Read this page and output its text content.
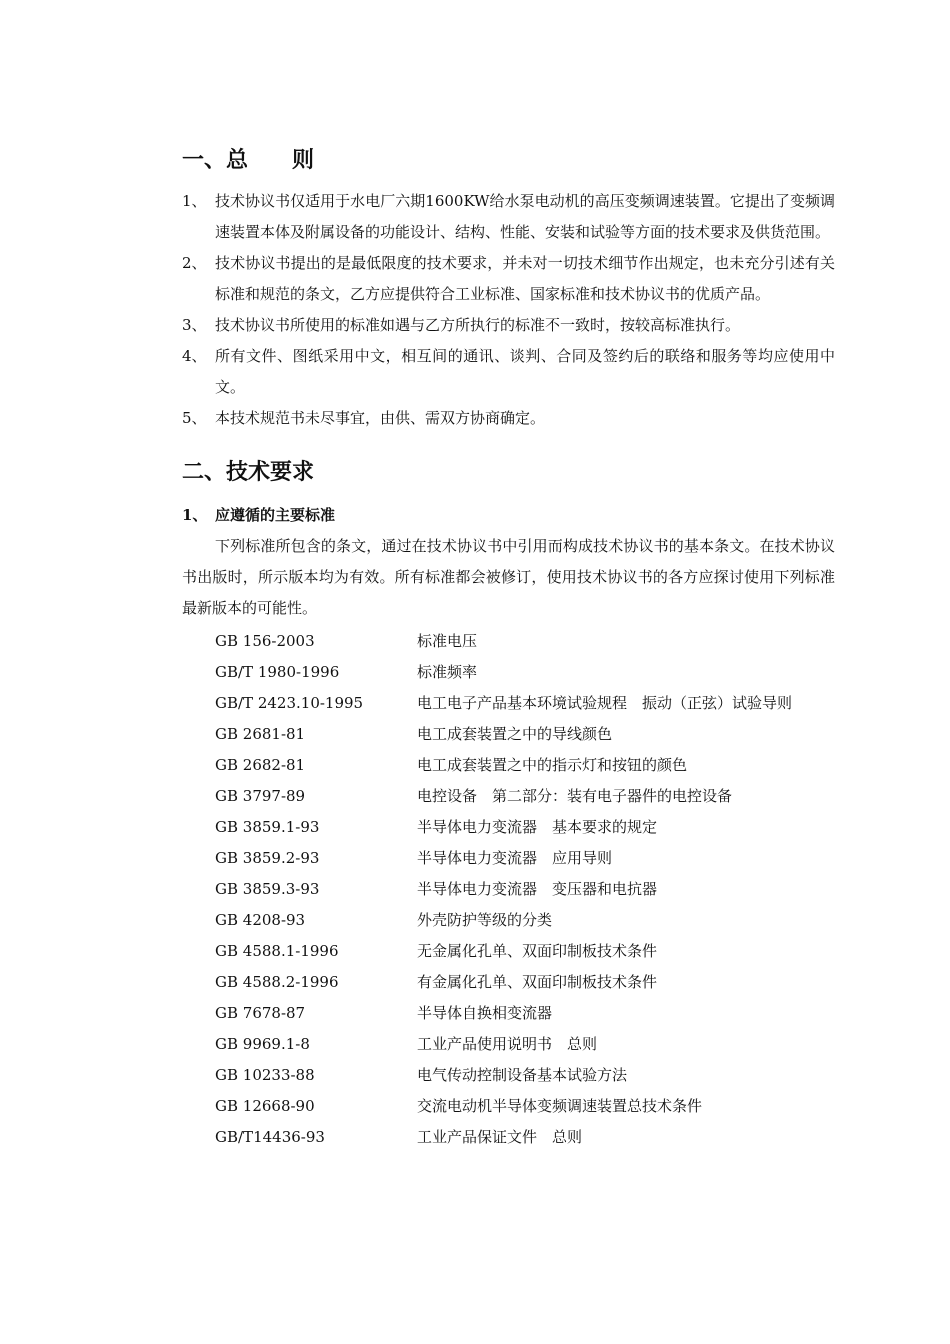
一、总　　则
1、 技术协议书仅适用于水电厂六期1600KW给水泵电动机的高压变频调速装置。它提出了变频调速装置本体及附属设备的功能设计、结构、性能、安装和试验等方面的技术要求及供货范围。
2、 技术协议书提出的是最低限度的技术要求，并未对一切技术细节作出规定，也未充分引述有关标准和规范的条文，乙方应提供符合工业标准、国家标准和技术协议书的优质产品。
3、 技术协议书所使用的标准如遇与乙方所执行的标准不一致时，按较高标准执行。
4、 所有文件、图纸采用中文，相互间的通讯、谈判、合同及签约后的联络和服务等均应使用中文。
5、 本技术规范书未尽事宜，由供、需双方协商确定。
二、技术要求
1、 应遵循的主要标准

下列标准所包含的条文，通过在技术协议书中引用而构成技术协议书的基本条文。在技术协议书出版时，所示版本均为有效。所有标准都会被修订，使用技术协议书的各方应探讨使用下列标准最新版本的可能性。

GB 156-2003	标准电压
GB/T 1980-1996	标准频率
GB/T 2423.10-1995	电工电子产品基本环境试验规程　振动（正弦）试验导则
GB 2681-81	电工成套装置之中的导线颜色
GB 2682-81	电工成套装置之中的指示灯和按钮的颜色
GB 3797-89	电控设备　第二部分：装有电子器件的电控设备
GB 3859.1-93	半导体电力变流器　基本要求的规定
GB 3859.2-93	半导体电力变流器　应用导则
GB 3859.3-93	半导体电力变流器　变压器和电抗器
GB 4208-93	外壳防护等级的分类
GB 4588.1-1996	无金属化孔单、双面印制板技术条件
GB 4588.2-1996	有金属化孔单、双面印制板技术条件
GB 7678-87	半导体自换相变流器
GB 9969.1-8	工业产品使用说明书　总则
GB 10233-88	电气传动控制设备基本试验方法
GB 12668-90	交流电动机半导体变频调速装置总技术条件
GB/T14436-93	工业产品保证文件　总则
